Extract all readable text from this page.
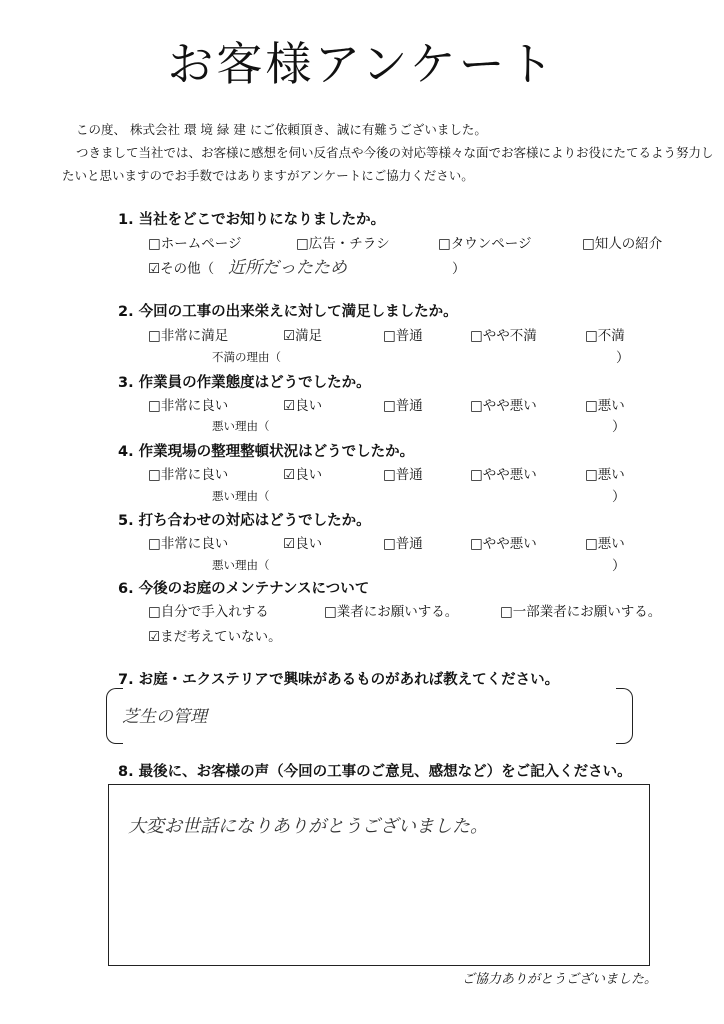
お客様アンケート
この度、 株式会社 環 境 緑 建 にご依頼頂き、誠に有難うございました。
つきまして当社では、お客様に感想を伺い反省点や今後の対応等様々な面でお客様によりお役にたてるよう努力し
たいと思いますのでお手数ではありますがアンケートにご協力ください。
1. 当社をどこでお知りになりましたか。
□ホームページ	□広告・チラシ	□タウンページ	□知人の紹介
☑その他（ 近所だったため	）
2. 今回の工事の出来栄えに対して満足しましたか。
□非常に満足	☑満足	□普通	□やや不満	□不満
不満の理由（	）
3. 作業員の作業態度はどうでしたか。
□非常に良い	☑良い	□普通	□やや悪い	□悪い
悪い理由（	）
4. 作業現場の整理整頓状況はどうでしたか。
□非常に良い	☑良い	□普通	□やや悪い	□悪い
悪い理由（	）
5. 打ち合わせの対応はどうでしたか。
□非常に良い	☑良い	□普通	□やや悪い	□悪い
悪い理由（	）
6. 今後のお庭のメンテナンスについて
□自分で手入れする	□業者にお願いする。	□一部業者にお願いする。
☑まだ考えていない。
7. お庭・エクステリアで興味があるものがあれば教えてください。
芝生の管理
8. 最後に、お客様の声（今回の工事のご意見、感想など）をご記入ください。
大変お世話になりありがとうございました。
ご協力ありがとうございました。
